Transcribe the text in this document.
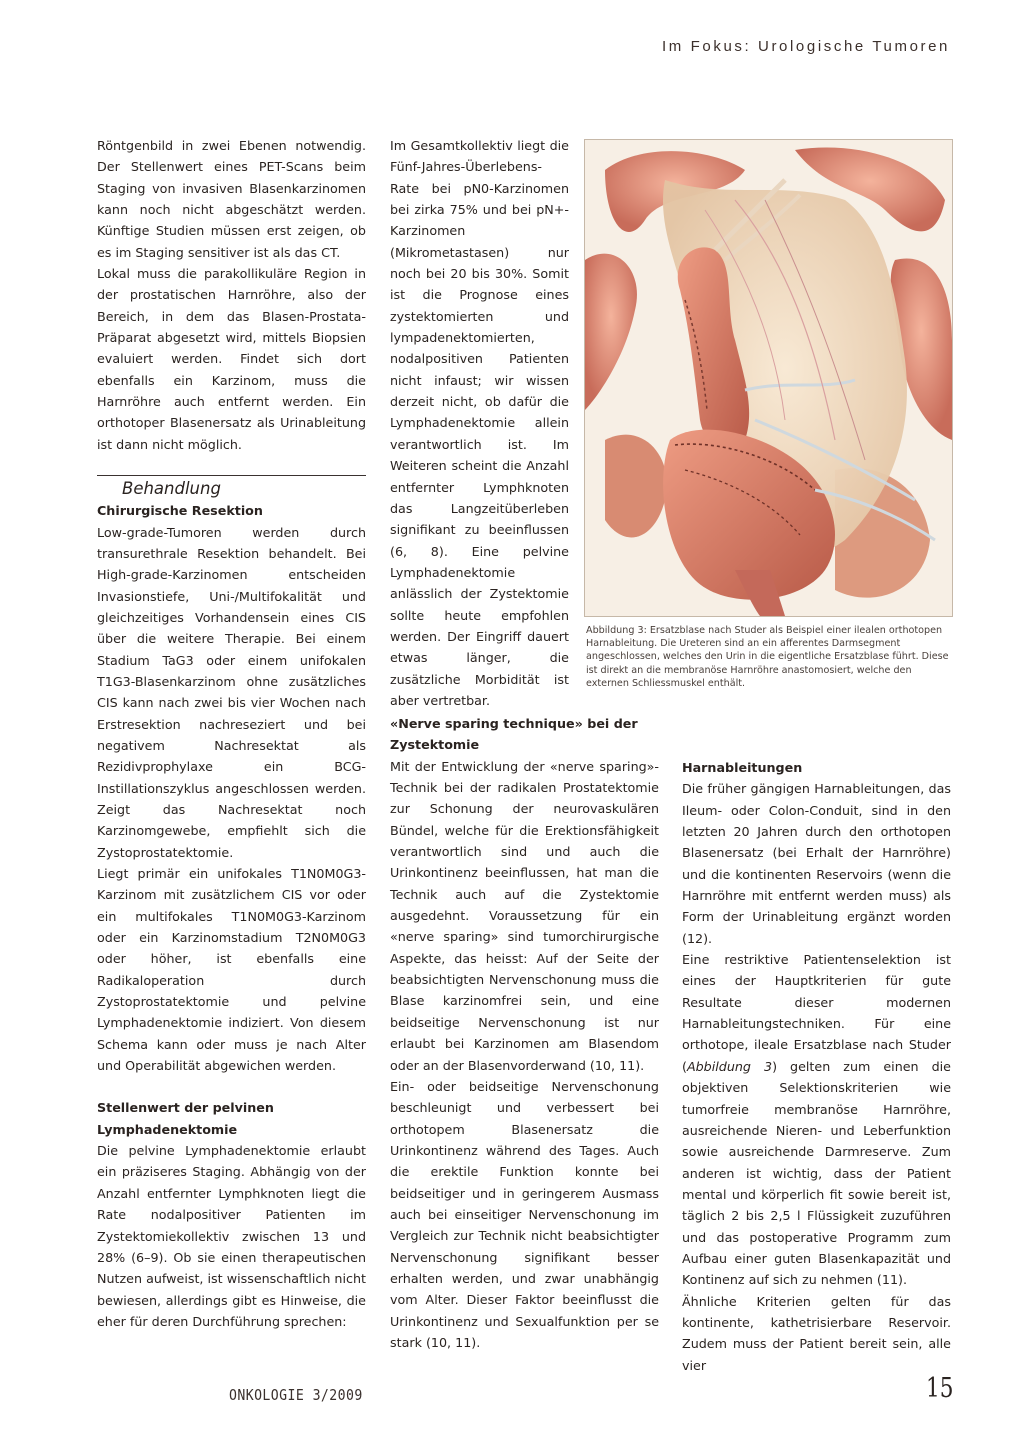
Im Fokus: Urologische Tumoren

Röntgenbild in zwei Ebenen notwendig. Der Stellenwert eines PET-Scans beim Staging von invasiven Blasenkarzinomen kann noch nicht abgeschätzt werden. Künftige Studien müssen erst zeigen, ob es im Staging sensitiver ist als das CT.

Lokal muss die parakollikuläre Region in der prostatischen Harnröhre, also der Bereich, in dem das Blasen-Prostata-Präparat abgesetzt wird, mittels Biopsien evaluiert werden. Findet sich dort ebenfalls ein Karzinom, muss die Harnröhre auch entfernt werden. Ein orthotoper Blasenersatz als Urinableitung ist dann nicht möglich.

Behandlung

Chirurgische Resektion

Low-grade-Tumoren werden durch transurethrale Resektion behandelt. Bei High-grade-Karzinomen entscheiden Invasionstiefe, Uni-/Multifokalität und gleichzeitiges Vorhandensein eines CIS über die weitere Therapie. Bei einem Stadium TaG3 oder einem unifokalen T1G3-Blasenkarzinom ohne zusätzliches CIS kann nach zwei bis vier Wochen nach Erstresektion nachreseziert und bei negativem Nachresektat als Rezidivprophylaxe ein BCG-Instillationszyklus angeschlossen werden. Zeigt das Nachresektat noch Karzinomgewebe, empfiehlt sich die Zystoprostatektomie.

Liegt primär ein unifokales T1N0M0G3-Karzinom mit zusätzlichem CIS vor oder ein multifokales T1N0M0G3-Karzinom oder ein Karzinomstadium T2N0M0G3 oder höher, ist ebenfalls eine Radikaloperation durch Zystoprostatektomie und pelvine Lymphadenektomie indiziert. Von diesem Schema kann oder muss je nach Alter und Operabilität abgewichen werden.

Stellenwert der pelvinen Lymphadenektomie

Die pelvine Lymphadenektomie erlaubt ein präziseres Staging. Abhängig von der Anzahl entfernter Lymphknoten liegt die Rate nodalpositiver Patienten im Zystektomiekollektiv zwischen 13 und 28% (6–9). Ob sie einen therapeutischen Nutzen aufweist, ist wissenschaftlich nicht bewiesen, allerdings gibt es Hinweise, die eher für deren Durchführung sprechen:

Im Gesamtkollektiv liegt die Fünf-Jahres-Überlebens-Rate bei pN0-Karzinomen bei zirka 75% und bei pN+-Karzinomen (Mikrometastasen) nur noch bei 20 bis 30%. Somit ist die Prognose eines zystektomierten und lympadenektomierten, nodalpositiven Patienten nicht infaust; wir wissen derzeit nicht, ob dafür die Lymphadenektomie allein verantwortlich ist. Im Weiteren scheint die Anzahl entfernter Lymphknoten das Langzeitüberleben signifikant zu beeinflussen (6, 8). Eine pelvine Lymphadenektomie anlässlich der Zystektomie sollte heute empfohlen werden. Der Eingriff dauert etwas länger, die zusätzliche Morbidität ist aber vertretbar.

Abbildung 3: Ersatzblase nach Studer als Beispiel einer ilealen orthotopen Harnableitung. Die Ureteren sind an ein afferentes Darmsegment angeschlossen, welches den Urin in die eigentliche Ersatzblase führt. Diese ist direkt an die membranöse Harnröhre anastomosiert, welche den externen Schliessmuskel enthält.

«Nerve sparing technique» bei der Zystektomie

Mit der Entwicklung der «nerve sparing»-Technik bei der radikalen Prostatektomie zur Schonung der neurovaskulären Bündel, welche für die Erektionsfähigkeit verantwortlich sind und auch die Urinkontinenz beeinflussen, hat man die Technik auch auf die Zystektomie ausgedehnt. Voraussetzung für ein «nerve sparing» sind tumorchirurgische Aspekte, das heisst: Auf der Seite der beabsichtigten Nervenschonung muss die Blase karzinomfrei sein, und eine beidseitige Nervenschonung ist nur erlaubt bei Karzinomen am Blasendom oder an der Blasenvorderwand (10, 11).

Ein- oder beidseitige Nervenschonung beschleunigt und verbessert bei orthotopem Blasenersatz die Urinkontinenz während des Tages. Auch die erektile Funktion konnte bei beidseitiger und in geringerem Ausmass auch bei einseitiger Nervenschonung im Vergleich zur Technik nicht beabsichtigter Nervenschonung signifikant besser erhalten werden, und zwar unabhängig vom Alter. Dieser Faktor beeinflusst die Urinkontinenz und Sexualfunktion per se stark (10, 11).

Harnableitungen

Die früher gängigen Harnableitungen, das Ileum- oder Colon-Conduit, sind in den letzten 20 Jahren durch den orthotopen Blasenersatz (bei Erhalt der Harnröhre) und die kontinenten Reservoirs (wenn die Harnröhre mit entfernt werden muss) als Form der Urinableitung ergänzt worden (12).

Eine restriktive Patientenselektion ist eines der Hauptkriterien für gute Resultate dieser modernen Harnableitungstechniken. Für eine orthotope, ileale Ersatzblase nach Studer (Abbildung 3) gelten zum einen die objektiven Selektionskriterien wie tumorfreie membranöse Harnröhre, ausreichende Nieren- und Leberfunktion sowie ausreichende Darmreserve. Zum anderen ist wichtig, dass der Patient mental und körperlich fit sowie bereit ist, täglich 2 bis 2,5 l Flüssigkeit zuzuführen und das postoperative Programm zum Aufbau einer guten Blasenkapazität und Kontinenz auf sich zu nehmen (11).

Ähnliche Kriterien gelten für das kontinente, kathetrisierbare Reservoir. Zudem muss der Patient bereit sein, alle vier

ONKOLOGIE 3/2009	15
